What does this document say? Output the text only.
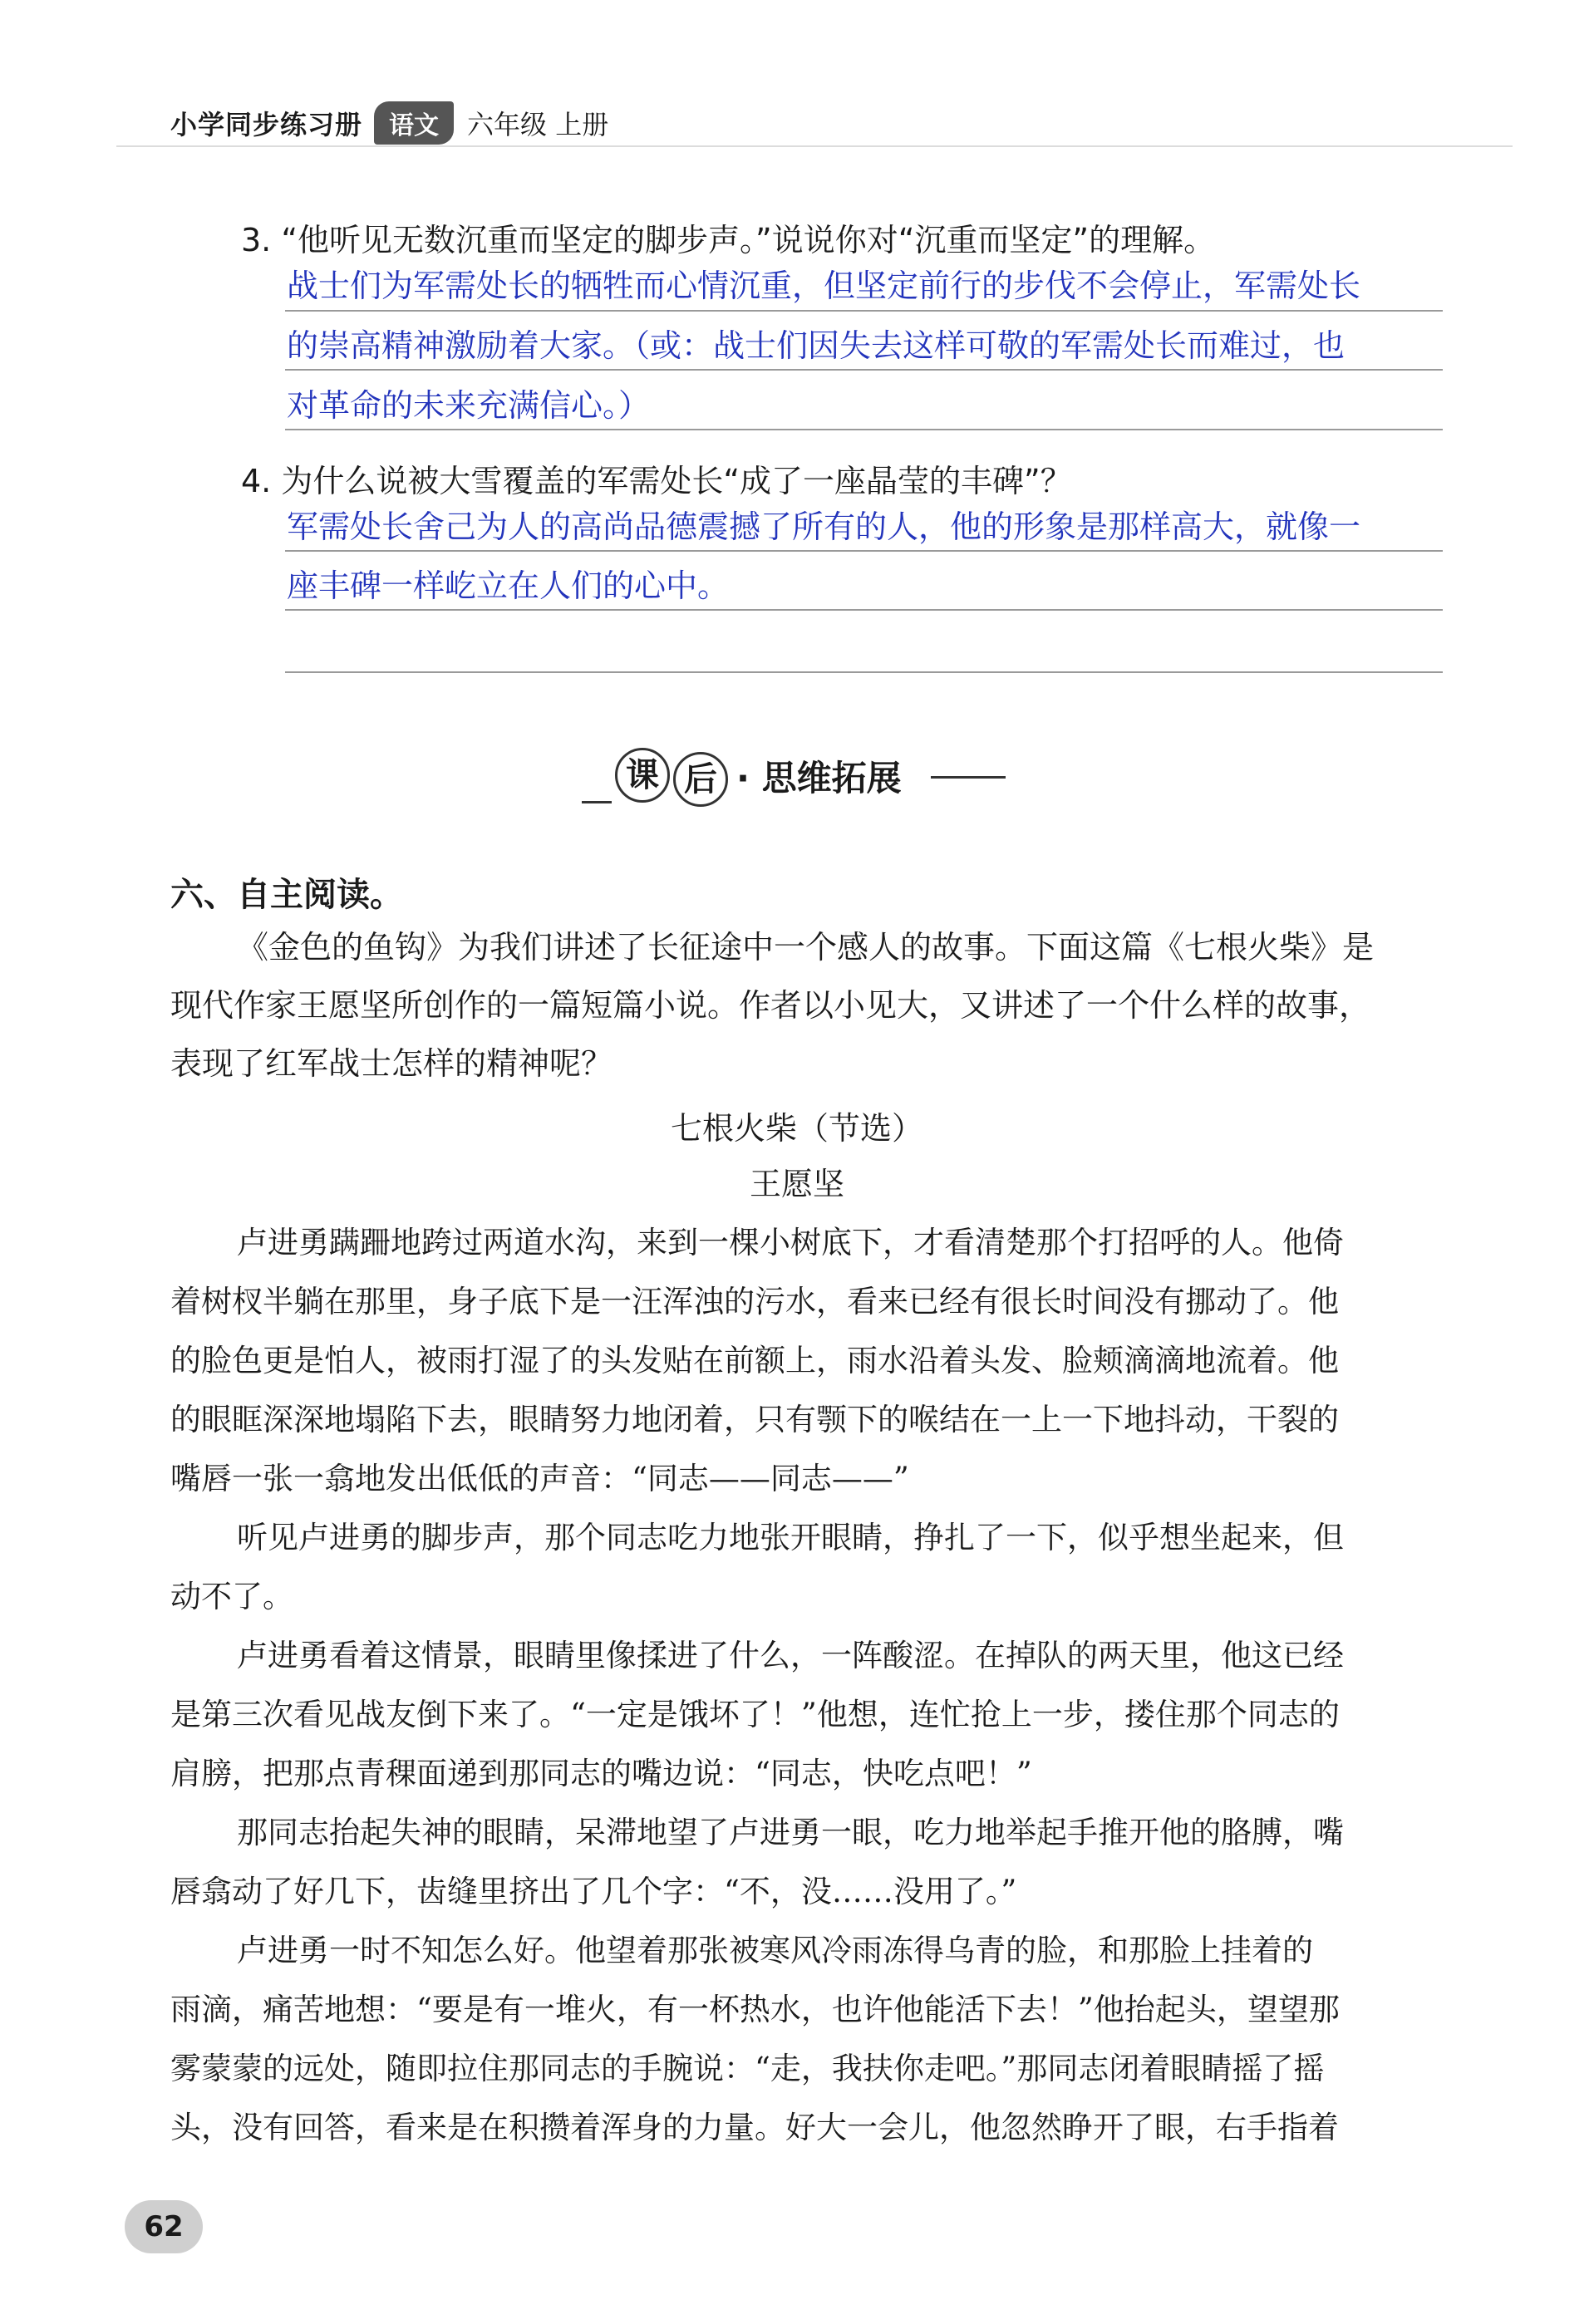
小学同步练习册	语文	六年级 上册
3. “他听见无数沉重而坚定的脚步声。”说说你对“沉重而坚定”的理解。
战士们为军需处长的牺牲而心情沉重，但坚定前行的步伐不会停止，军需处长
的崇高精神激励着大家。（或：战士们因失去这样可敬的军需处长而难过，也
对革命的未来充满信心。）
4. 为什么说被大雪覆盖的军需处长“成了一座晶莹的丰碑”？
军需处长舍己为人的高尚品德震撼了所有的人，他的形象是那样高大，就像一
座丰碑一样屹立在人们的心中。
课 后 · 思维拓展
六、自主阅读。
《金色的鱼钩》为我们讲述了长征途中一个感人的故事。下面这篇《七根火柴》是
现代作家王愿坚所创作的一篇短篇小说。作者以小见大，又讲述了一个什么样的故事，
表现了红军战士怎样的精神呢？
七根火柴（节选）
王愿坚
卢进勇蹒跚地跨过两道水沟，来到一棵小树底下，才看清楚那个打招呼的人。他倚
着树杈半躺在那里，身子底下是一汪浑浊的污水，看来已经有很长时间没有挪动了。他
的脸色更是怕人，被雨打湿了的头发贴在前额上，雨水沿着头发、脸颊滴滴地流着。他
的眼眶深深地塌陷下去，眼睛努力地闭着，只有颚下的喉结在一上一下地抖动，干裂的
嘴唇一张一翕地发出低低的声音：“同志——同志——”
听见卢进勇的脚步声，那个同志吃力地张开眼睛，挣扎了一下，似乎想坐起来，但
动不了。
卢进勇看着这情景，眼睛里像揉进了什么，一阵酸涩。在掉队的两天里，他这已经
是第三次看见战友倒下来了。“一定是饿坏了！”他想，连忙抢上一步，搂住那个同志的
肩膀，把那点青稞面递到那同志的嘴边说：“同志，快吃点吧！”
那同志抬起失神的眼睛，呆滞地望了卢进勇一眼，吃力地举起手推开他的胳膊，嘴
唇翕动了好几下，齿缝里挤出了几个字：“不，没……没用了。”
卢进勇一时不知怎么好。他望着那张被寒风冷雨冻得乌青的脸，和那脸上挂着的
雨滴，痛苦地想：“要是有一堆火，有一杯热水，也许他能活下去！”他抬起头，望望那
雾蒙蒙的远处，随即拉住那同志的手腕说：“走，我扶你走吧。”那同志闭着眼睛摇了摇
头，没有回答，看来是在积攒着浑身的力量。好大一会儿，他忽然睁开了眼，右手指着
62
